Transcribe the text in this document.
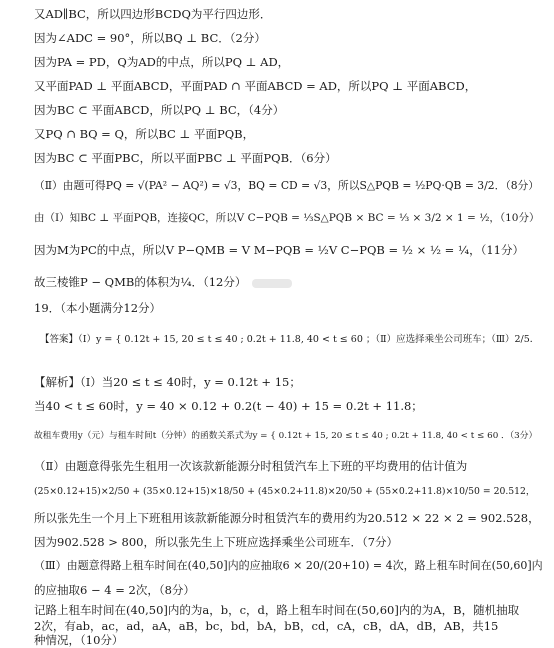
又AD∥BC，所以四边形BCDQ为平行四边形．
因为∠ADC = 90°，所以BQ ⊥ BC．（2分）
因为PA = PD，Q为AD的中点，所以PQ ⊥ AD，
又平面PAD ⊥ 平面ABCD，平面PAD ∩ 平面ABCD = AD，所以PQ ⊥ 平面ABCD，
因为BC ⊂ 平面ABCD，所以PQ ⊥ BC，（4分）
又PQ ∩ BQ = Q，所以BC ⊥ 平面PQB，
因为BC ⊂ 平面PBC，所以平面PBC ⊥ 平面PQB．（6分）
（Ⅱ）由题可得PQ = √(PA² − AQ²) = √3，BQ = CD = √3，所以S△PQB = ½PQ·QB = 3/2．（8分）
由（Ⅰ）知BC ⊥ 平面PQB，连接QC，所以V C−PQB = ⅓S△PQB × BC = ⅓ × 3/2 × 1 = ½，（10分）
因为M为PC的中点，所以V P−QMB = V M−PQB = ½V C−PQB = ½ × ½ = ¼，（11分）
故三棱锥P − QMB的体积为¼．（12分）
19．（本小题满分12分）
【答案】（Ⅰ）y = { 0.12t + 15, 20 ≤ t ≤ 40 ; 0.2t + 11.8, 40 < t ≤ 60 ；（Ⅱ）应选择乘坐公司班车；（Ⅲ）2/5．
【解析】（Ⅰ）当20 ≤ t ≤ 40时，y = 0.12t + 15；
当40 < t ≤ 60时，y = 40 × 0.12 + 0.2(t − 40) + 15 = 0.2t + 11.8；
故租车费用y（元）与租车时间t（分钟）的函数关系式为y = { 0.12t + 15, 20 ≤ t ≤ 40 ; 0.2t + 11.8, 40 < t ≤ 60 ．（3分）
（Ⅱ）由题意得张先生租用一次该款新能源分时租赁汽车上下班的平均费用的估计值为
(25×0.12+15)×2/50 + (35×0.12+15)×18/50 + (45×0.2+11.8)×20/50 + (55×0.2+11.8)×10/50 = 20.512，
所以张先生一个月上下班租用该款新能源分时租赁汽车的费用约为20.512 × 22 × 2 = 902.528，
因为902.528 > 800，所以张先生上下班应选择乘坐公司班车．（7分）
（Ⅲ）由题意得路上租车时间在(40,50]内的应抽取6 × 20/(20+10) = 4次，路上租车时间在(50,60]内
的应抽取6 − 4 = 2次，（8分）
记路上租车时间在(40,50]内的为a，b，c，d，路上租车时间在(50,60]内的为A，B，随机抽取
2次，有ab，ac，ad，aA，aB，bc，bd，bA，bB，cd，cA，cB，dA，dB，AB，共15
种情况，（10分）
